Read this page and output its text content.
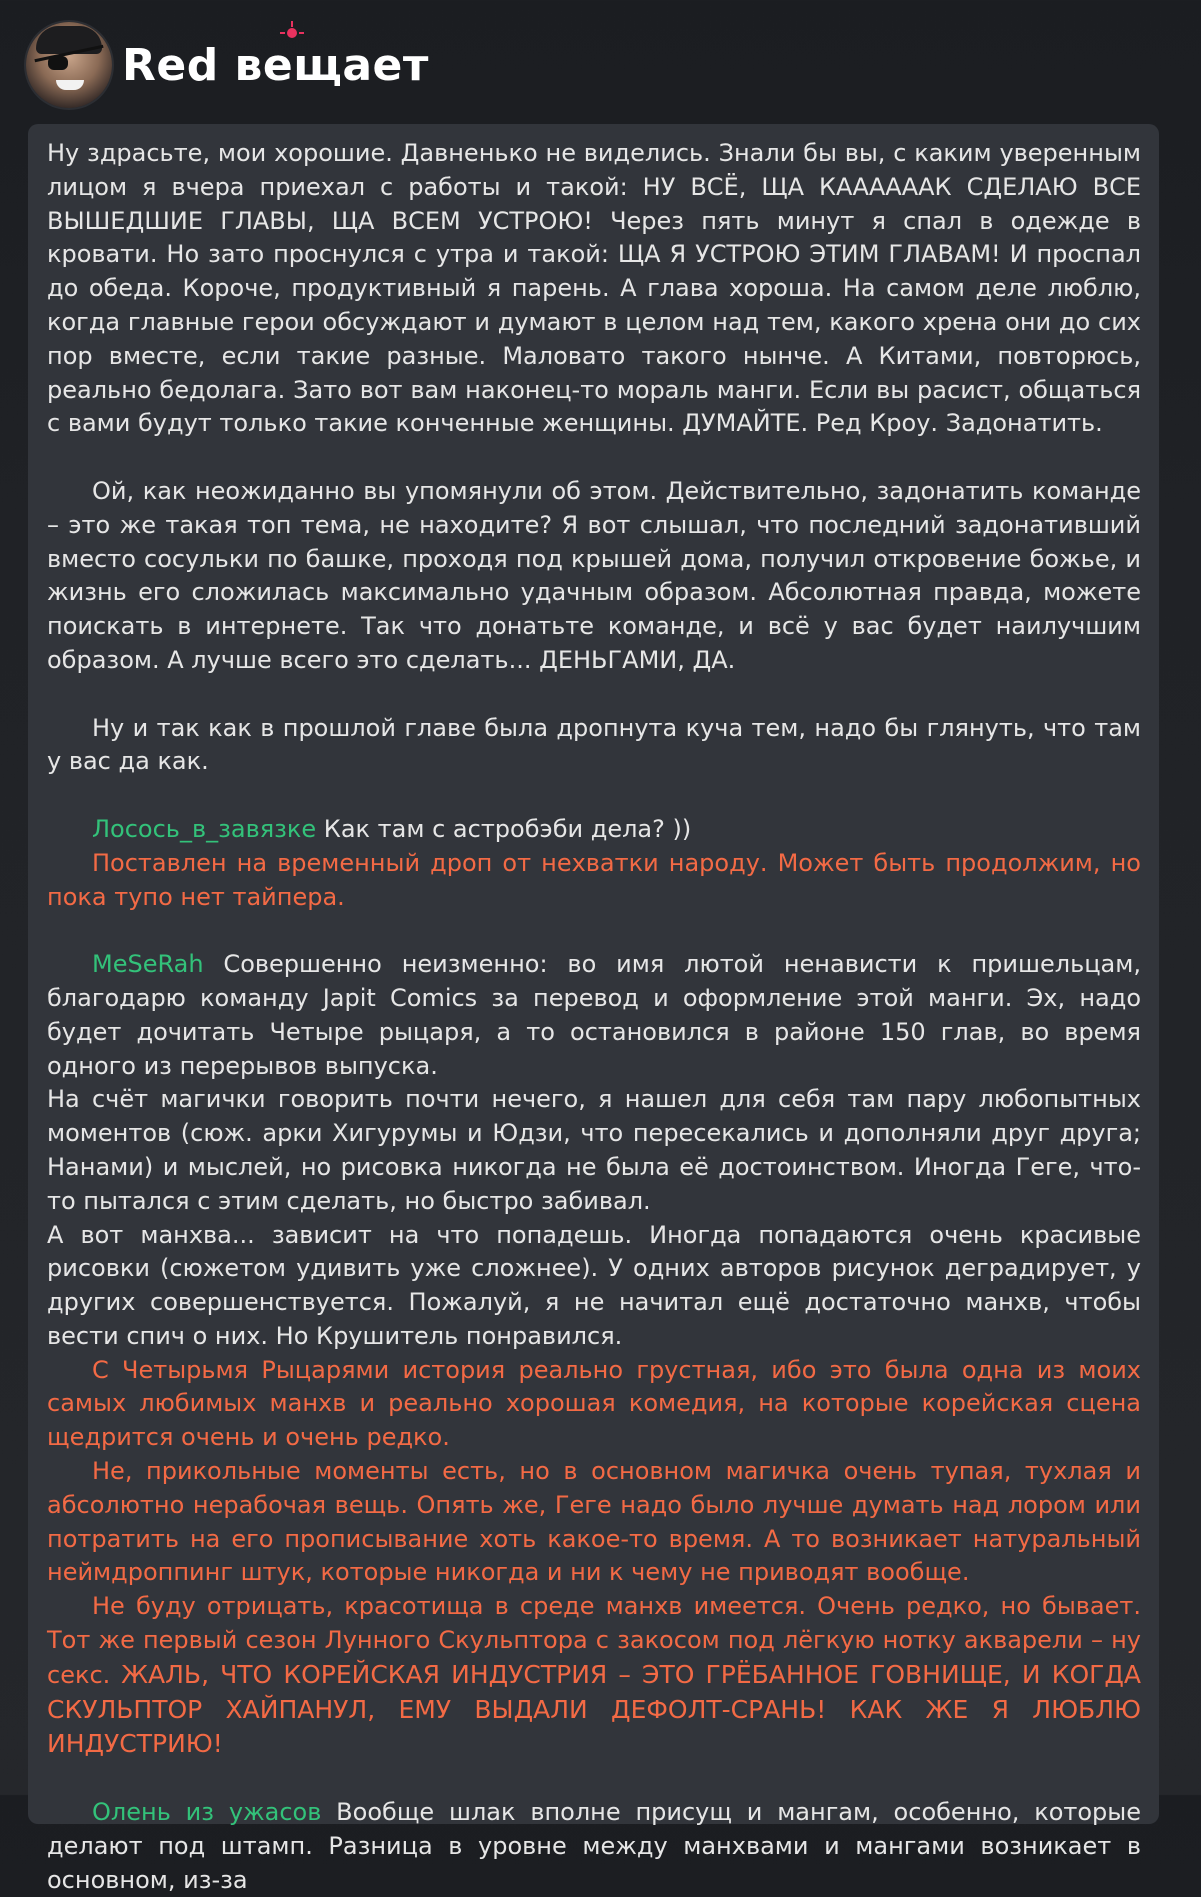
Red вещает

Ну здрасьте, мои хорошие. Давненько не виделись. Знали бы вы, с каким уверенным лицом я вчера приехал с работы и такой: НУ ВСЁ, ЩА КААААААК СДЕЛАЮ ВСЕ ВЫШЕДШИЕ ГЛАВЫ, ЩА ВСЕМ УСТРОЮ! Через пять минут я спал в одежде в кровати. Но зато проснулся с утра и такой: ЩА Я УСТРОЮ ЭТИМ ГЛАВАМ! И проспал до обеда. Короче, продуктивный я парень. А глава хороша. На самом деле люблю, когда главные герои обсуждают и думают в целом над тем, какого хрена они до сих пор вместе, если такие разные. Маловато такого нынче. А Китами, повторюсь, реально бедолага. Зато вот вам наконец-то мораль манги. Если вы расист, общаться с вами будут только такие конченные женщины. ДУМАЙТЕ. Ред Кроу. Задонатить.

Ой, как неожиданно вы упомянули об этом. Действительно, задонатить команде – это же такая топ тема, не находите? Я вот слышал, что последний задонативший вместо сосульки по башке, проходя под крышей дома, получил откровение божье, и жизнь его сложилась максимально удачным образом. Абсолютная правда, можете поискать в интернете. Так что донатьте команде, и всё у вас будет наилучшим образом. А лучше всего это сделать... ДЕНЬГАМИ, ДА.

Ну и так как в прошлой главе была дропнута куча тем, надо бы глянуть, что там у вас да как.

Лосось_в_завязке Как там с астробэби дела? ))

Поставлен на временный дроп от нехватки народу. Может быть продолжим, но пока тупо нет тайпера.

MeSeRah Совершенно неизменно: во имя лютой ненависти к пришельцам, благодарю команду Japit Comics за перевод и оформление этой манги. Эх, надо будет дочитать Четыре рыцаря, а то остановился в районе 150 глав, во время одного из перерывов выпуска.

На счёт магички говорить почти нечего, я нашел для себя там пару любопытных моментов (сюж. арки Хигурумы и Юдзи, что пересекались и дополняли друг друга; Нанами) и мыслей, но рисовка никогда не была её достоинством. Иногда Геге, что-то пытался с этим сделать, но быстро забивал.

А вот манхва... зависит на что попадешь. Иногда попадаются очень красивые рисовки (сюжетом удивить уже сложнее). У одних авторов рисунок деградирует, у других совершенствуется. Пожалуй, я не начитал ещё достаточно манхв, чтобы вести спич о них. Но Крушитель понравился.

С Четырьмя Рыцарями история реально грустная, ибо это была одна из моих самых любимых манхв и реально хорошая комедия, на которые корейская сцена щедрится очень и очень редко.

Не, прикольные моменты есть, но в основном магичка очень тупая, тухлая и абсолютно нерабочая вещь. Опять же, Геге надо было лучше думать над лором или потратить на его прописывание хоть какое-то время. А то возникает натуральный неймдроппинг штук, которые никогда и ни к чему не приводят вообще.

Не буду отрицать, красотища в среде манхв имеется. Очень редко, но бывает. Тот же первый сезон Лунного Скульптора с закосом под лёгкую нотку акварели – ну секс. ЖАЛЬ, ЧТО КОРЕЙСКАЯ ИНДУСТРИЯ – ЭТО ГРЁБАННОЕ ГОВНИЩЕ, И КОГДА СКУЛЬПТОР ХАЙПАНУЛ, ЕМУ ВЫДАЛИ ДЕФОЛТ-СРАНЬ! КАК ЖЕ Я ЛЮБЛЮ ИНДУСТРИЮ!

Олень из ужасов Вообще шлак вполне присущ и мангам, особенно, которые делают под штамп. Разница в уровне между манхвами и мангами возникает в основном, из-за
